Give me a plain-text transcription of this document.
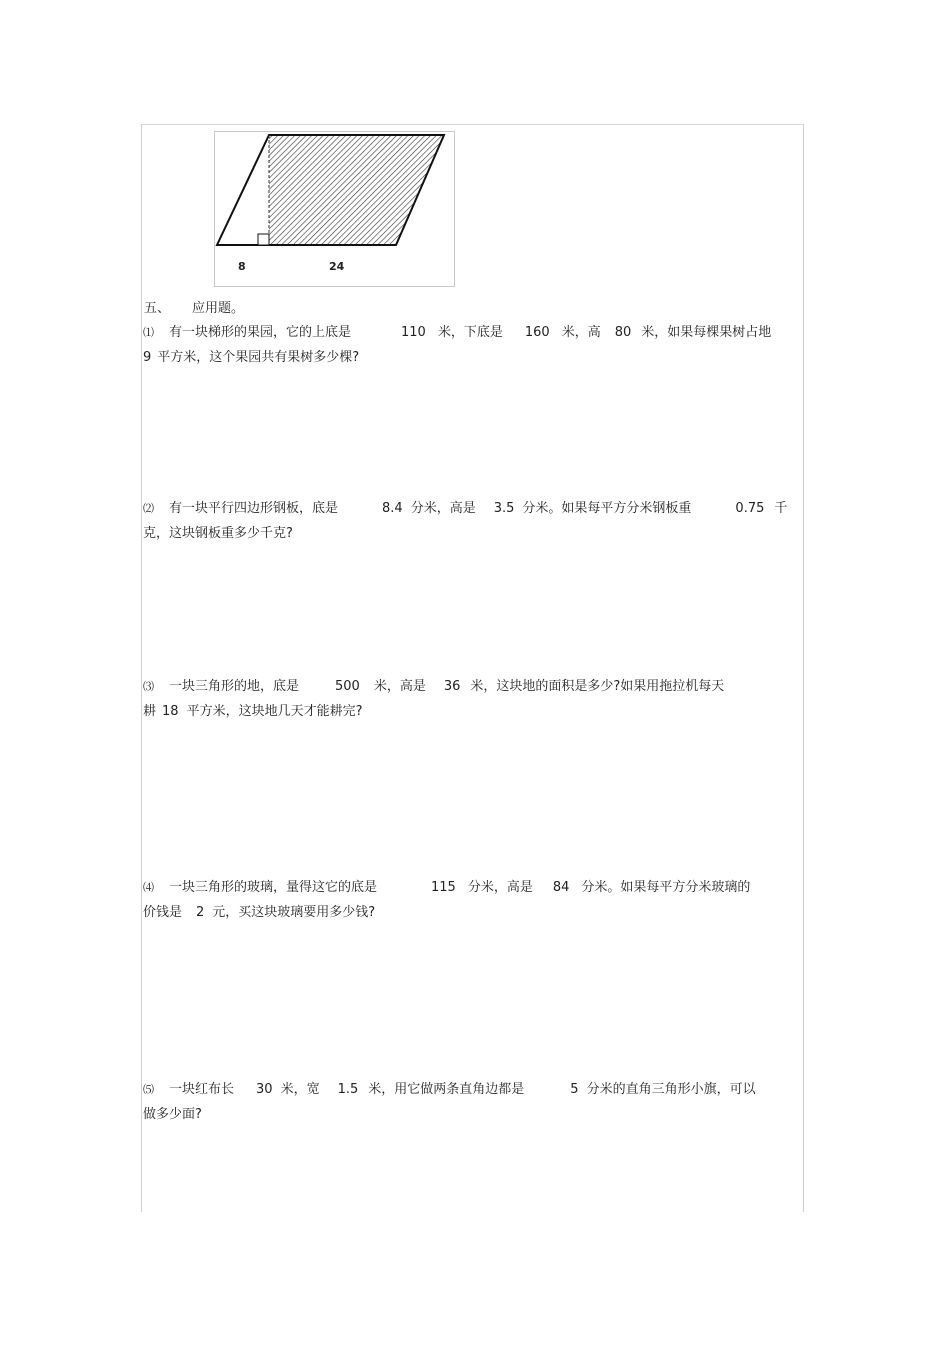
8	24
五、 应用题。
⑴ 有一块梯形的果园，它的上底是	110 米，下底是 160 米，高 80 米，如果每棵果树占地
9 平方米，这个果园共有果树多少棵?
⑵ 有一块平行四边形钢板，底是	8.4 分米，高是 3.5 分米。如果每平方分米钢板重	0.75 千
克，这块钢板重多少千克?
⑶ 一块三角形的地，底是	500 米，高是 36 米，这块地的面积是多少?如果用拖拉机每天
耕 18 平方米，这块地几天才能耕完?
⑷ 一块三角形的玻璃，量得这它的底是	115 分米，高是 84 分米。如果每平方分米玻璃的
价钱是 2 元，买这块玻璃要用多少钱?
⑸ 一块红布长 30 米，宽 1.5 米，用它做两条直角边都是	5 分米的直角三角形小旗，可以
做多少面?
